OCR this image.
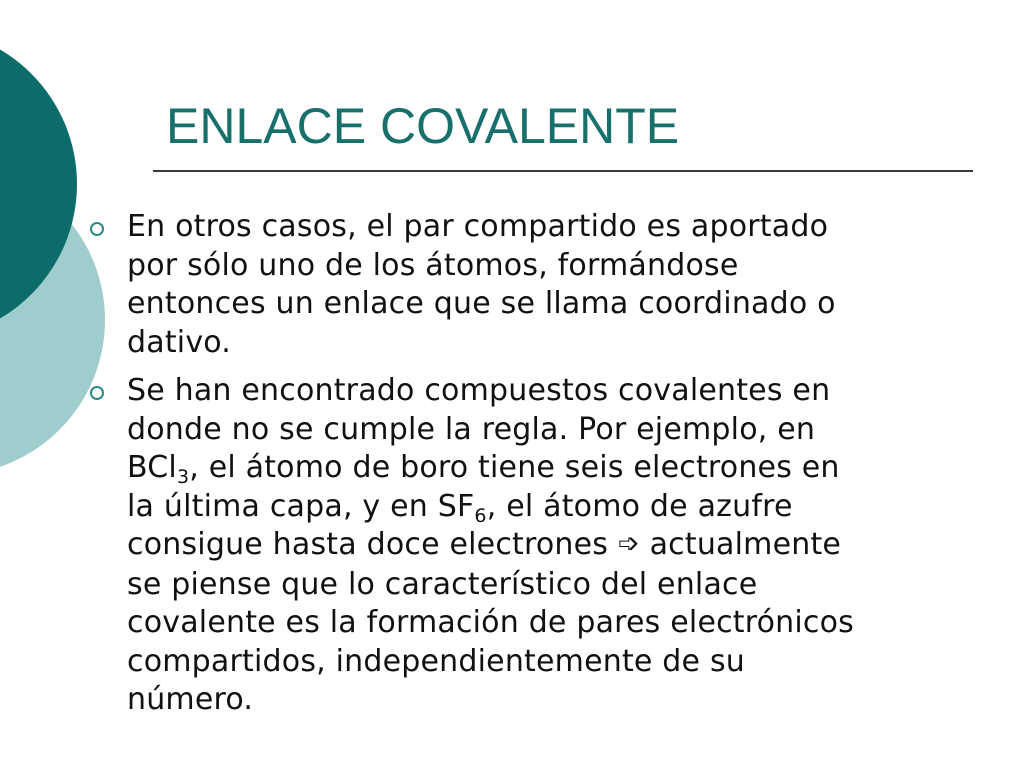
ENLACE COVALENTE
En otros casos, el par compartido es aportado
por sólo uno de los átomos, formándose
entonces un enlace que se llama coordinado o
dativo.
Se han encontrado compuestos covalentes en
donde no se cumple la regla. Por ejemplo, en
BCl$_3$, el átomo de boro tiene seis electrones en
la última capa, y en $SF_6$, el átomo de azufre
consigue hasta doce electrones ➩ actualmente
se piense que lo característico del enlace
covalente es la formación de pares electrónicos
compartidos, independientemente de su
número.
